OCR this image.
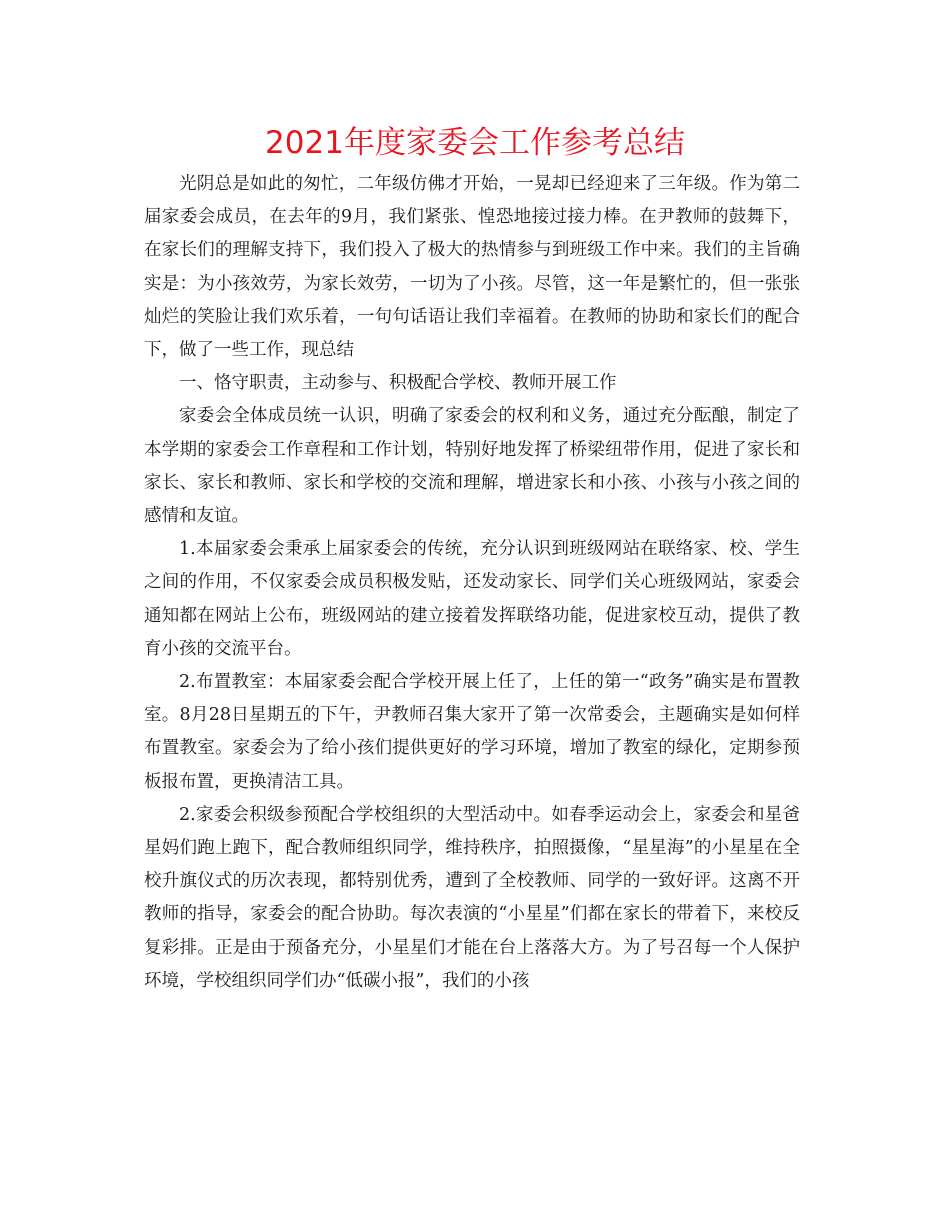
2021年度家委会工作参考总结

光阴总是如此的匆忙，二年级仿佛才开始，一晃却已经迎来了三年级。作为第二届家委会成员，在去年的9月，我们紧张、惶恐地接过接力棒。在尹教师的鼓舞下，在家长们的理解支持下，我们投入了极大的热情参与到班级工作中来。我们的主旨确实是：为小孩效劳，为家长效劳，一切为了小孩。尽管，这一年是繁忙的，但一张张灿烂的笑脸让我们欢乐着，一句句话语让我们幸福着。在教师的协助和家长们的配合下，做了一些工作，现总结

一、恪守职责，主动参与、积极配合学校、教师开展工作

家委会全体成员统一认识，明确了家委会的权利和义务，通过充分酝酿，制定了本学期的家委会工作章程和工作计划，特别好地发挥了桥梁纽带作用，促进了家长和家长、家长和教师、家长和学校的交流和理解，增进家长和小孩、小孩与小孩之间的感情和友谊。

1.本届家委会秉承上届家委会的传统，充分认识到班级网站在联络家、校、学生之间的作用，不仅家委会成员积极发贴，还发动家长、同学们关心班级网站，家委会通知都在网站上公布，班级网站的建立接着发挥联络功能，促进家校互动，提供了教育小孩的交流平台。

2.布置教室：本届家委会配合学校开展上任了，上任的第一“政务”确实是布置教室。8月28日星期五的下午，尹教师召集大家开了第一次常委会，主题确实是如何样布置教室。家委会为了给小孩们提供更好的学习环境，增加了教室的绿化，定期参预板报布置，更换清洁工具。

2.家委会积级参预配合学校组织的大型活动中。如春季运动会上，家委会和星爸星妈们跑上跑下，配合教师组织同学，维持秩序，拍照摄像，“星星海”的小星星在全校升旗仪式的历次表现，都特别优秀，遭到了全校教师、同学的一致好评。这离不开教师的指导，家委会的配合协助。每次表演的“小星星”们都在家长的带着下，来校反复彩排。正是由于预备充分，小星星们才能在台上落落大方。为了号召每一个人保护环境，学校组织同学们办“低碳小报”，我们的小孩
